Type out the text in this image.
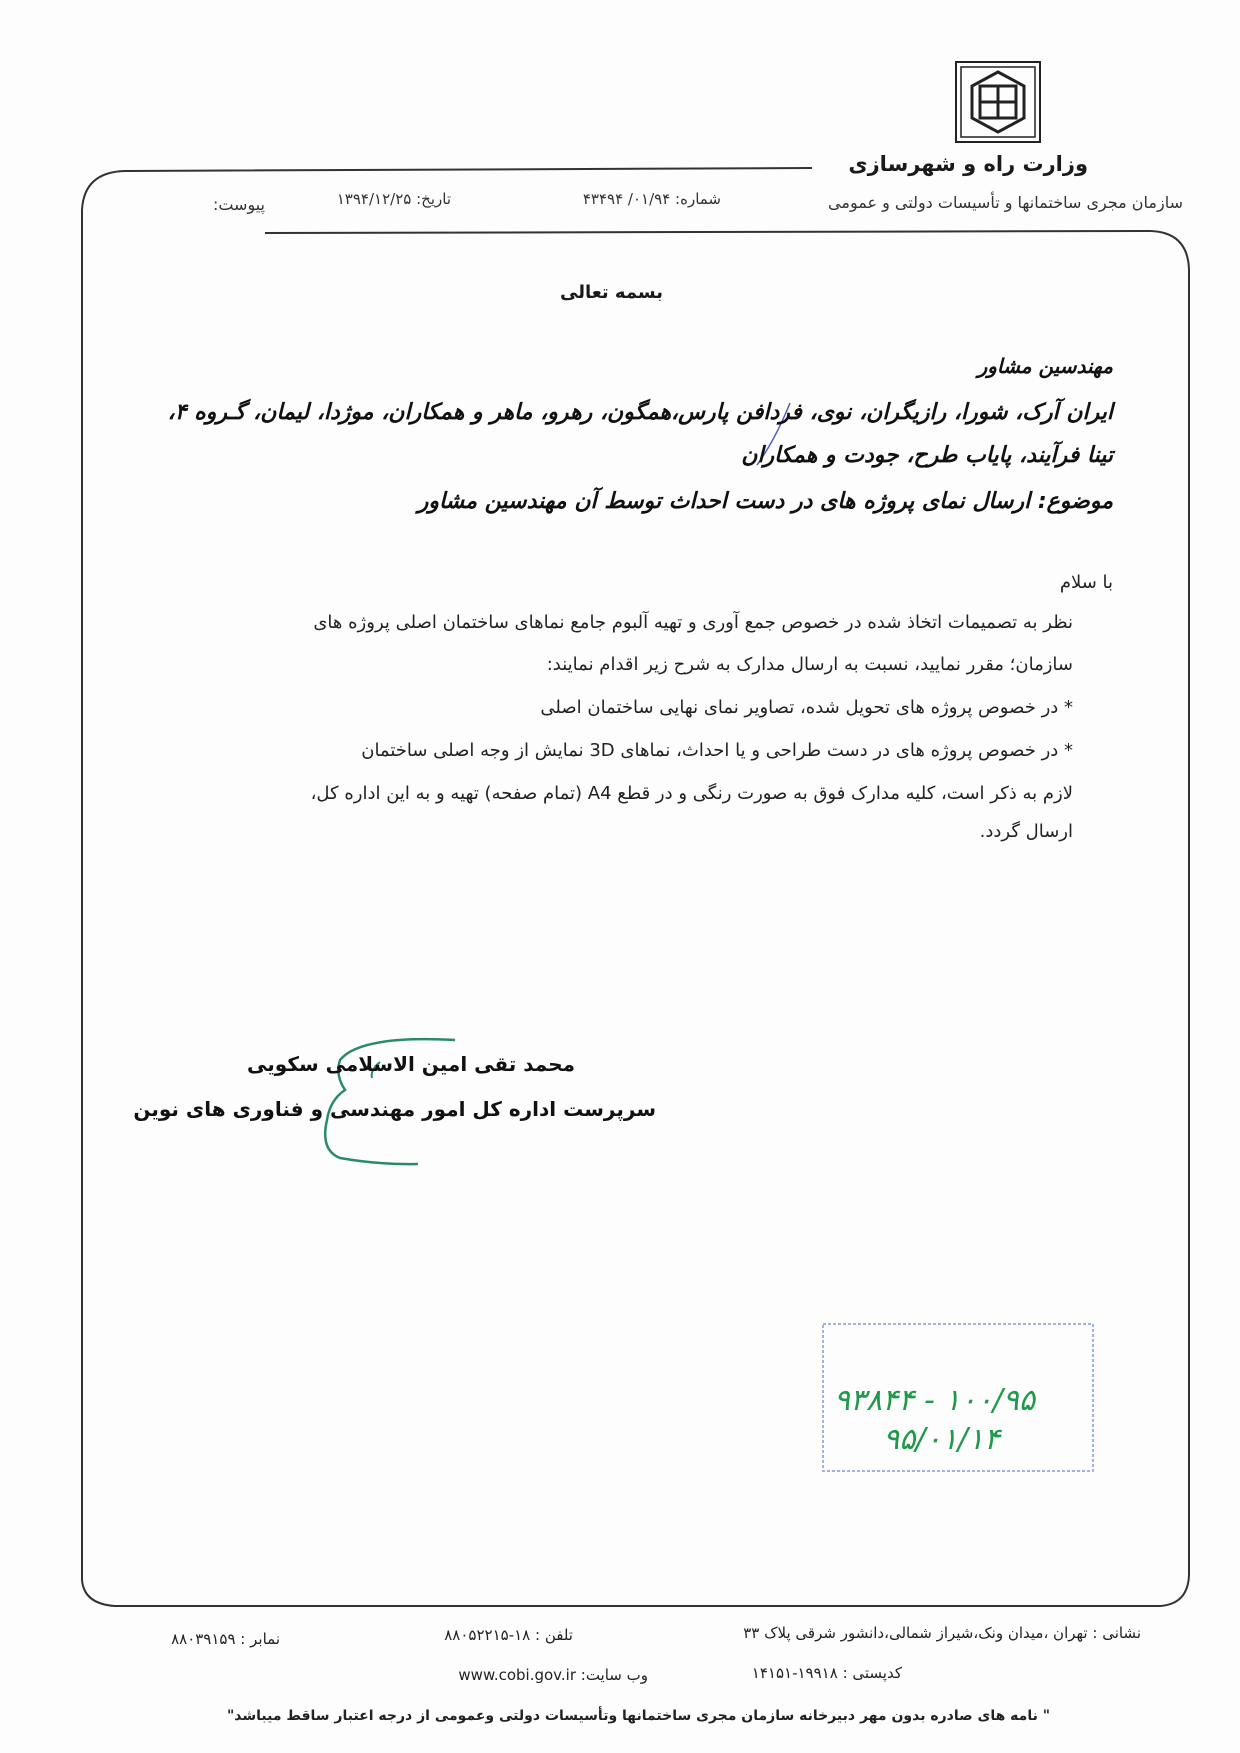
وزارت راه و شهرسازی
سازمان مجری ساختمانها و تأسیسات دولتی و عمومی
شماره: ۰۱/۹۴/ ۴۳۴۹۴
تاریخ: ۱۳۹۴/۱۲/۲۵
پیوست:
بسمه تعالی
مهندسین مشاور
ایران آرک، شورا، رازیگران، نوی، فردافن پارس،همگون، رهرو، ماهر و همکاران، موژدا، لیمان، گـروه ۴،
تینا فرآیند، پایاب طرح، جودت و همکاران
موضوع: ارسال نمای پروژه های در دست احداث توسط آن مهندسین مشاور
با سلام
نظر به تصمیمات اتخاذ شده در خصوص جمع آوری و تهیه آلبوم جامع نماهای ساختمان اصلی پروژه های
سازمان؛ مقرر نمایید، نسبت به ارسال مدارک به شرح زیر اقدام نمایند:
* در خصوص پروژه های تحویل شده، تصاویر نمای نهایی ساختمان اصلی
* در خصوص پروژه های در دست طراحی و یا احداث، نماهای 3D نمایش از وجه اصلی ساختمان
لازم به ذکر است، کلیه مدارک فوق به صورت رنگی و در قطع A4 (تمام صفحه) تهیه و به این اداره کل،
ارسال گردد.
محمد تقی امین الاسلامی سکویی
سرپرست اداره کل امور مهندسی و فناوری های نوین
۱۰۰/۹۵ - ۹۳۸۴۴
۹۵/۰۱/۱۴
نشانی : تهران ،میدان ونک،شیراز شمالی،دانشور شرقی پلاک ۳۳
تلفن : ۱۸-۸۸۰۵۲۲۱۵
نمابر : ۸۸۰۳۹۱۵۹
کدپستی : ۱۹۹۱۸-۱۴۱۵۱
وب سایت: www.cobi.gov.ir
" نامه های صادره بدون مهر دبیرخانه سازمان مجری ساختمانها وتأسیسات دولتی وعمومی از درجه اعتبار ساقط میباشد"
